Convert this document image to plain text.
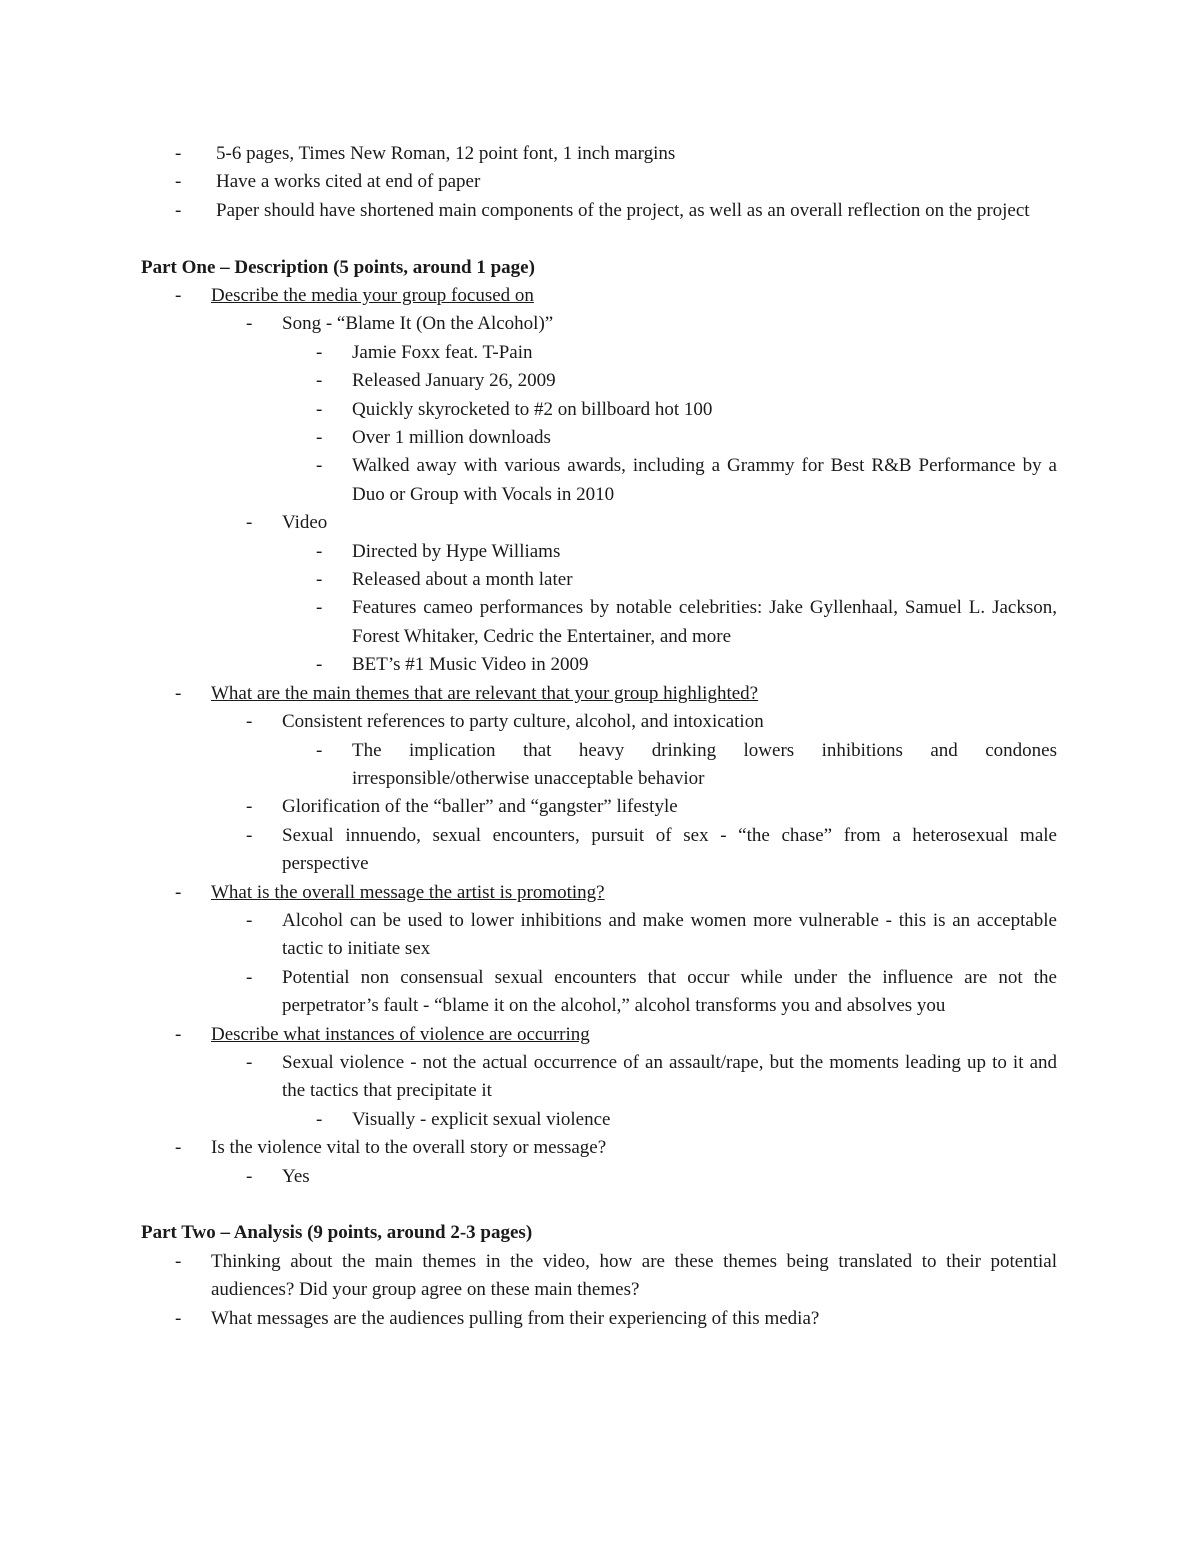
- 5-6 pages, Times New Roman, 12 point font, 1 inch margins
- Have a works cited at end of paper
- Paper should have shortened main components of the project, as well as an overall reflection on the project

Part One – Description (5 points, around 1 page)

- Describe the media your group focused on
- Song - “Blame It (On the Alcohol)”
- Jamie Foxx feat. T-Pain
- Released January 26, 2009
- Quickly skyrocketed to #2 on billboard hot 100
- Over 1 million downloads
- Walked away with various awards, including a Grammy for Best R&B Performance by a Duo or Group with Vocals in 2010
- Video
- Directed by Hype Williams
- Released about a month later
- Features cameo performances by notable celebrities: Jake Gyllenhaal, Samuel L. Jackson, Forest Whitaker, Cedric the Entertainer, and more
- BET’s #1 Music Video in 2009
- What are the main themes that are relevant that your group highlighted?
- Consistent references to party culture, alcohol, and intoxication
- The implication that heavy drinking lowers inhibitions and condones irresponsible/otherwise unacceptable behavior
- Glorification of the “baller” and “gangster” lifestyle
- Sexual innuendo, sexual encounters, pursuit of sex - “the chase” from a heterosexual male perspective
- What is the overall message the artist is promoting?
- Alcohol can be used to lower inhibitions and make women more vulnerable - this is an acceptable tactic to initiate sex
- Potential non consensual sexual encounters that occur while under the influence are not the perpetrator’s fault - “blame it on the alcohol,” alcohol transforms you and absolves you
- Describe what instances of violence are occurring
- Sexual violence - not the actual occurrence of an assault/rape, but the moments leading up to it and the tactics that precipitate it
- Visually - explicit sexual violence
- Is the violence vital to the overall story or message?
- Yes

Part Two – Analysis (9 points, around 2-3 pages)

- Thinking about the main themes in the video, how are these themes being translated to their potential audiences? Did your group agree on these main themes?
- What messages are the audiences pulling from their experiencing of this media?
